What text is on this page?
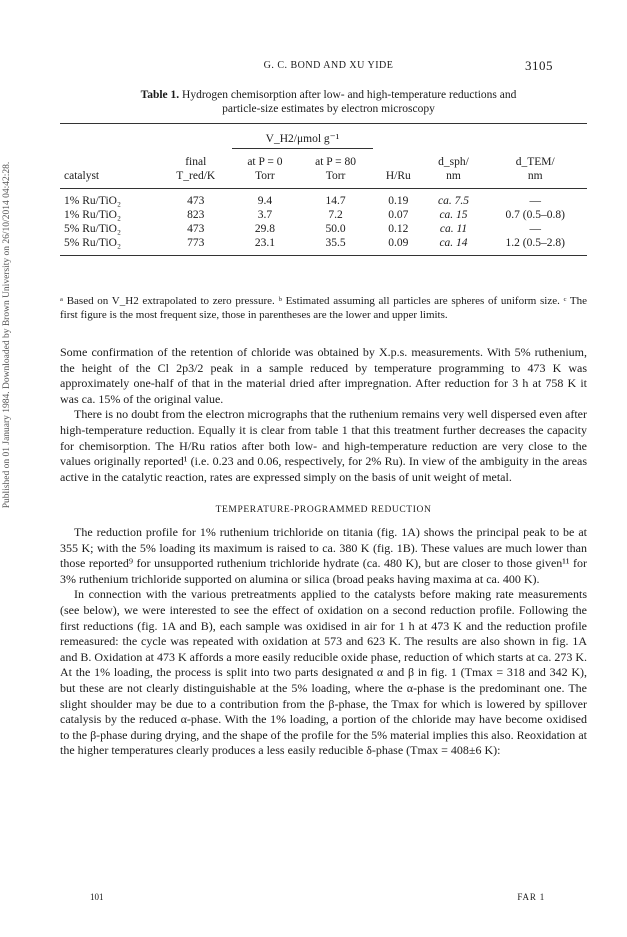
Published on 01 January 1984. Downloaded by Brown University on 26/10/2014 04:42:28.
G. C. BOND AND XU YIDE	3105
Table 1. Hydrogen chemisorption after low- and high-temperature reductions and
particle-size estimates by electron microscopy

		V_H2/μmol g⁻¹				
	final	at P = 0	at P = 80		d_sph/	d_TEM/
catalyst	T_red/K	Torr	Torr	H/Ru	nm	nm
1% Ru/TiO₂	473	9.4	14.7	0.19	ca. 7.5	—
1% Ru/TiO₂	823	3.7	7.2	0.07	ca. 15	0.7 (0.5–0.8)
5% Ru/TiO₂	473	29.8	50.0	0.12	ca. 11	—
5% Ru/TiO₂	773	23.1	35.5	0.09	ca. 14	1.2 (0.5–2.8)
ᵃ Based on V_H2 extrapolated to zero pressure. ᵇ Estimated assuming all particles are spheres of uniform size. ᶜ The first figure is the most frequent size, those in parentheses are the lower and upper limits.

Some confirmation of the retention of chloride was obtained by X.p.s. measurements. With 5% ruthenium, the height of the Cl 2p3/2 peak in a sample reduced by temperature programming to 473 K was approximately one-half of that in the material dried after impregnation. After reduction for 3 h at 758 K it was ca. 15% of the original value.

There is no doubt from the electron micrographs that the ruthenium remains very well dispersed even after high-temperature reduction. Equally it is clear from table 1 that this treatment further decreases the capacity for chemisorption. The H/Ru ratios after both low- and high-temperature reduction are very close to the values originally reported¹ (i.e. 0.23 and 0.06, respectively, for 2% Ru). In view of the ambiguity in the areas active in the catalytic reaction, rates are expressed simply on the basis of unit weight of metal.

TEMPERATURE-PROGRAMMED REDUCTION

The reduction profile for 1% ruthenium trichloride on titania (fig. 1A) shows the principal peak to be at 355 K; with the 5% loading its maximum is raised to ca. 380 K (fig. 1B). These values are much lower than those reported⁹ for unsupported ruthenium trichloride hydrate (ca. 480 K), but are closer to those given¹¹ for 3% ruthenium trichloride supported on alumina or silica (broad peaks having maxima at ca. 400 K).

In connection with the various pretreatments applied to the catalysts before making rate measurements (see below), we were interested to see the effect of oxidation on a second reduction profile. Following the first reductions (fig. 1A and B), each sample was oxidised in air for 1 h at 473 K and the reduction profile remeasured: the cycle was repeated with oxidation at 573 and 623 K. The results are also shown in fig. 1A and B. Oxidation at 473 K affords a more easily reducible oxide phase, reduction of which starts at ca. 273 K. At the 1% loading, the process is split into two parts designated α and β in fig. 1 (Tmax = 318 and 342 K), but these are not clearly distinguishable at the 5% loading, where the α-phase is the predominant one. The slight shoulder may be due to a contribution from the β-phase, the Tmax for which is lowered by spillover catalysis by the reduced α-phase. With the 1% loading, a portion of the chloride may have become oxidised to the β-phase during drying, and the shape of the profile for the 5% material implies this also. Reoxidation at the higher temperatures clearly produces a less easily reducible δ-phase (Tmax = 408±6 K):

101	FAR 1
